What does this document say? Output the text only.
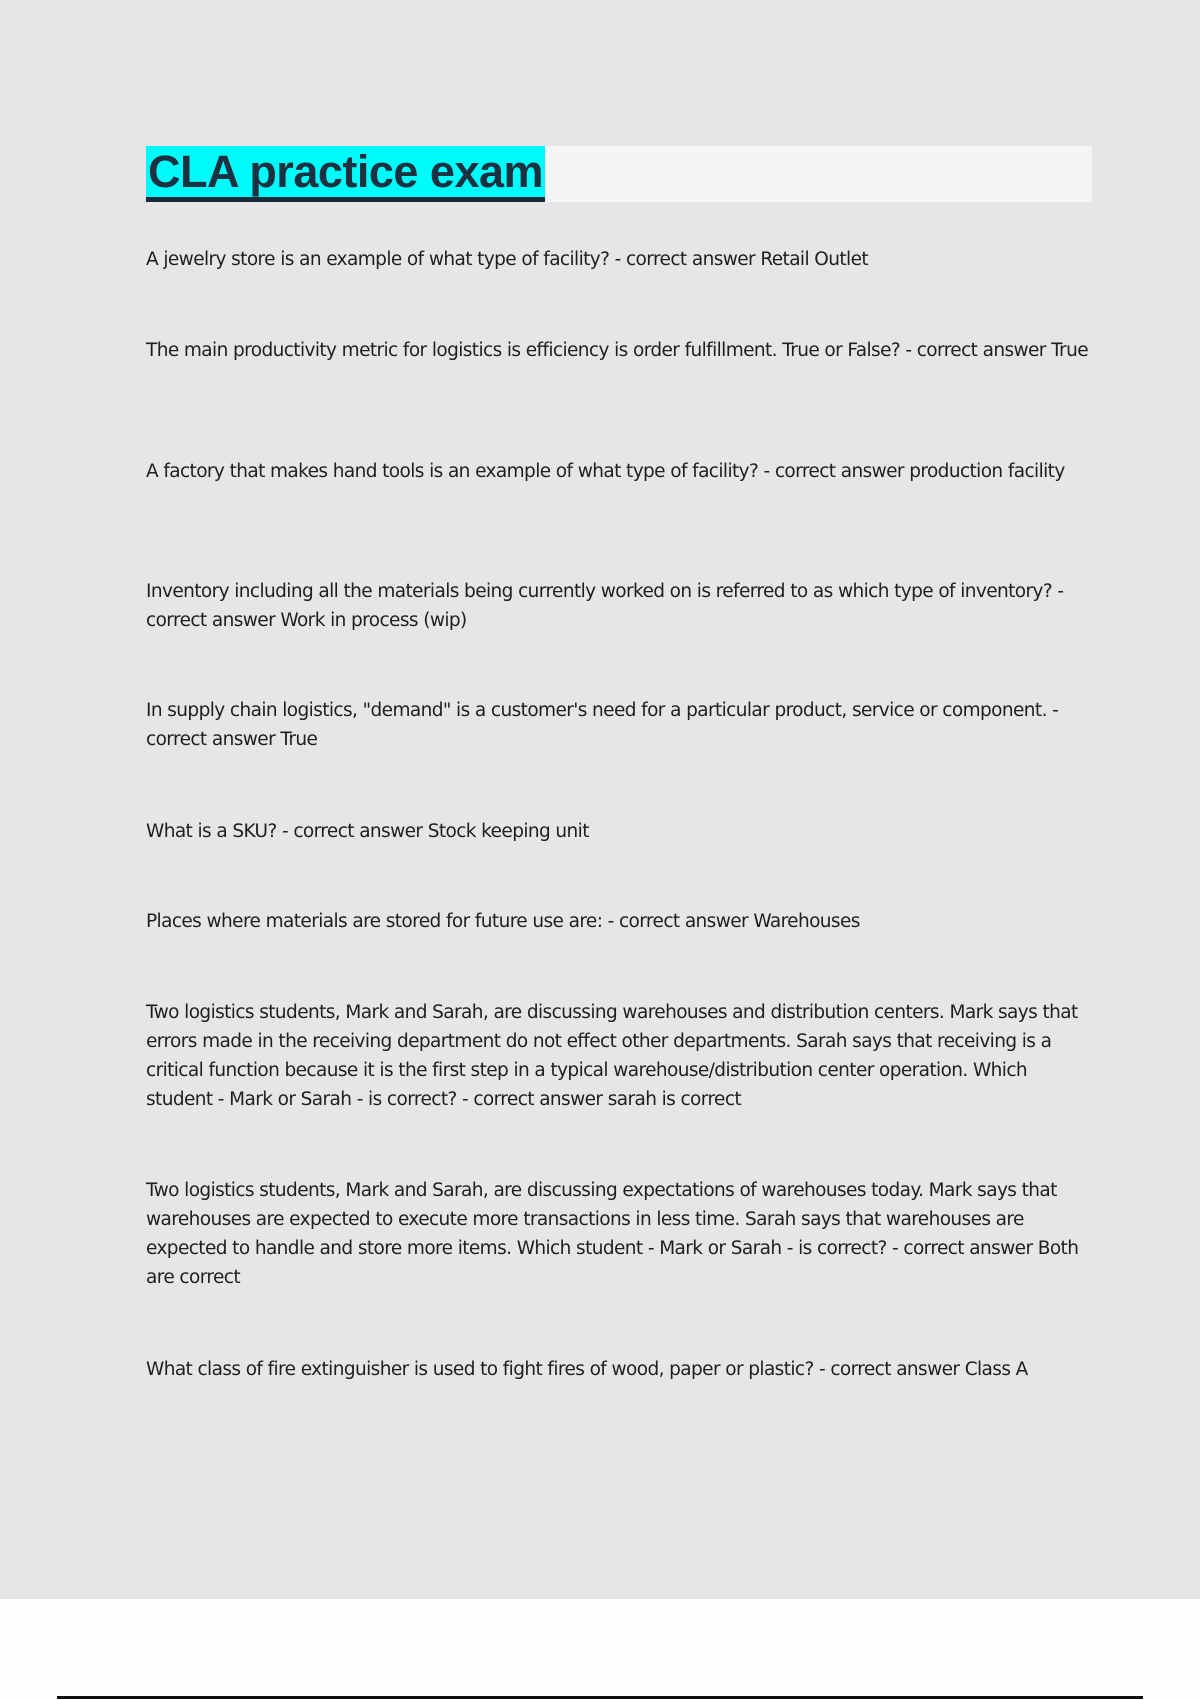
CLA practice exam

A jewelry store is an example of what type of facility? - correct answer Retail Outlet

The main productivity metric for logistics is efficiency is order fulfillment. True or False? - correct answer True

A factory that makes hand tools is an example of what type of facility? - correct answer production facility

Inventory including all the materials being currently worked on is referred to as which type of inventory? - correct answer Work in process (wip)

In supply chain logistics, "demand" is a customer's need for a particular product, service or component. - correct answer True

What is a SKU? - correct answer Stock keeping unit

Places where materials are stored for future use are: - correct answer Warehouses

Two logistics students, Mark and Sarah, are discussing warehouses and distribution centers. Mark says that errors made in the receiving department do not effect other departments. Sarah says that receiving is a critical function because it is the first step in a typical warehouse/distribution center operation. Which student - Mark or Sarah - is correct? - correct answer sarah is correct

Two logistics students, Mark and Sarah, are discussing expectations of warehouses today. Mark says that warehouses are expected to execute more transactions in less time. Sarah says that warehouses are expected to handle and store more items. Which student - Mark or Sarah - is correct? - correct answer Both are correct

What class of fire extinguisher is used to fight fires of wood, paper or plastic? - correct answer Class A
